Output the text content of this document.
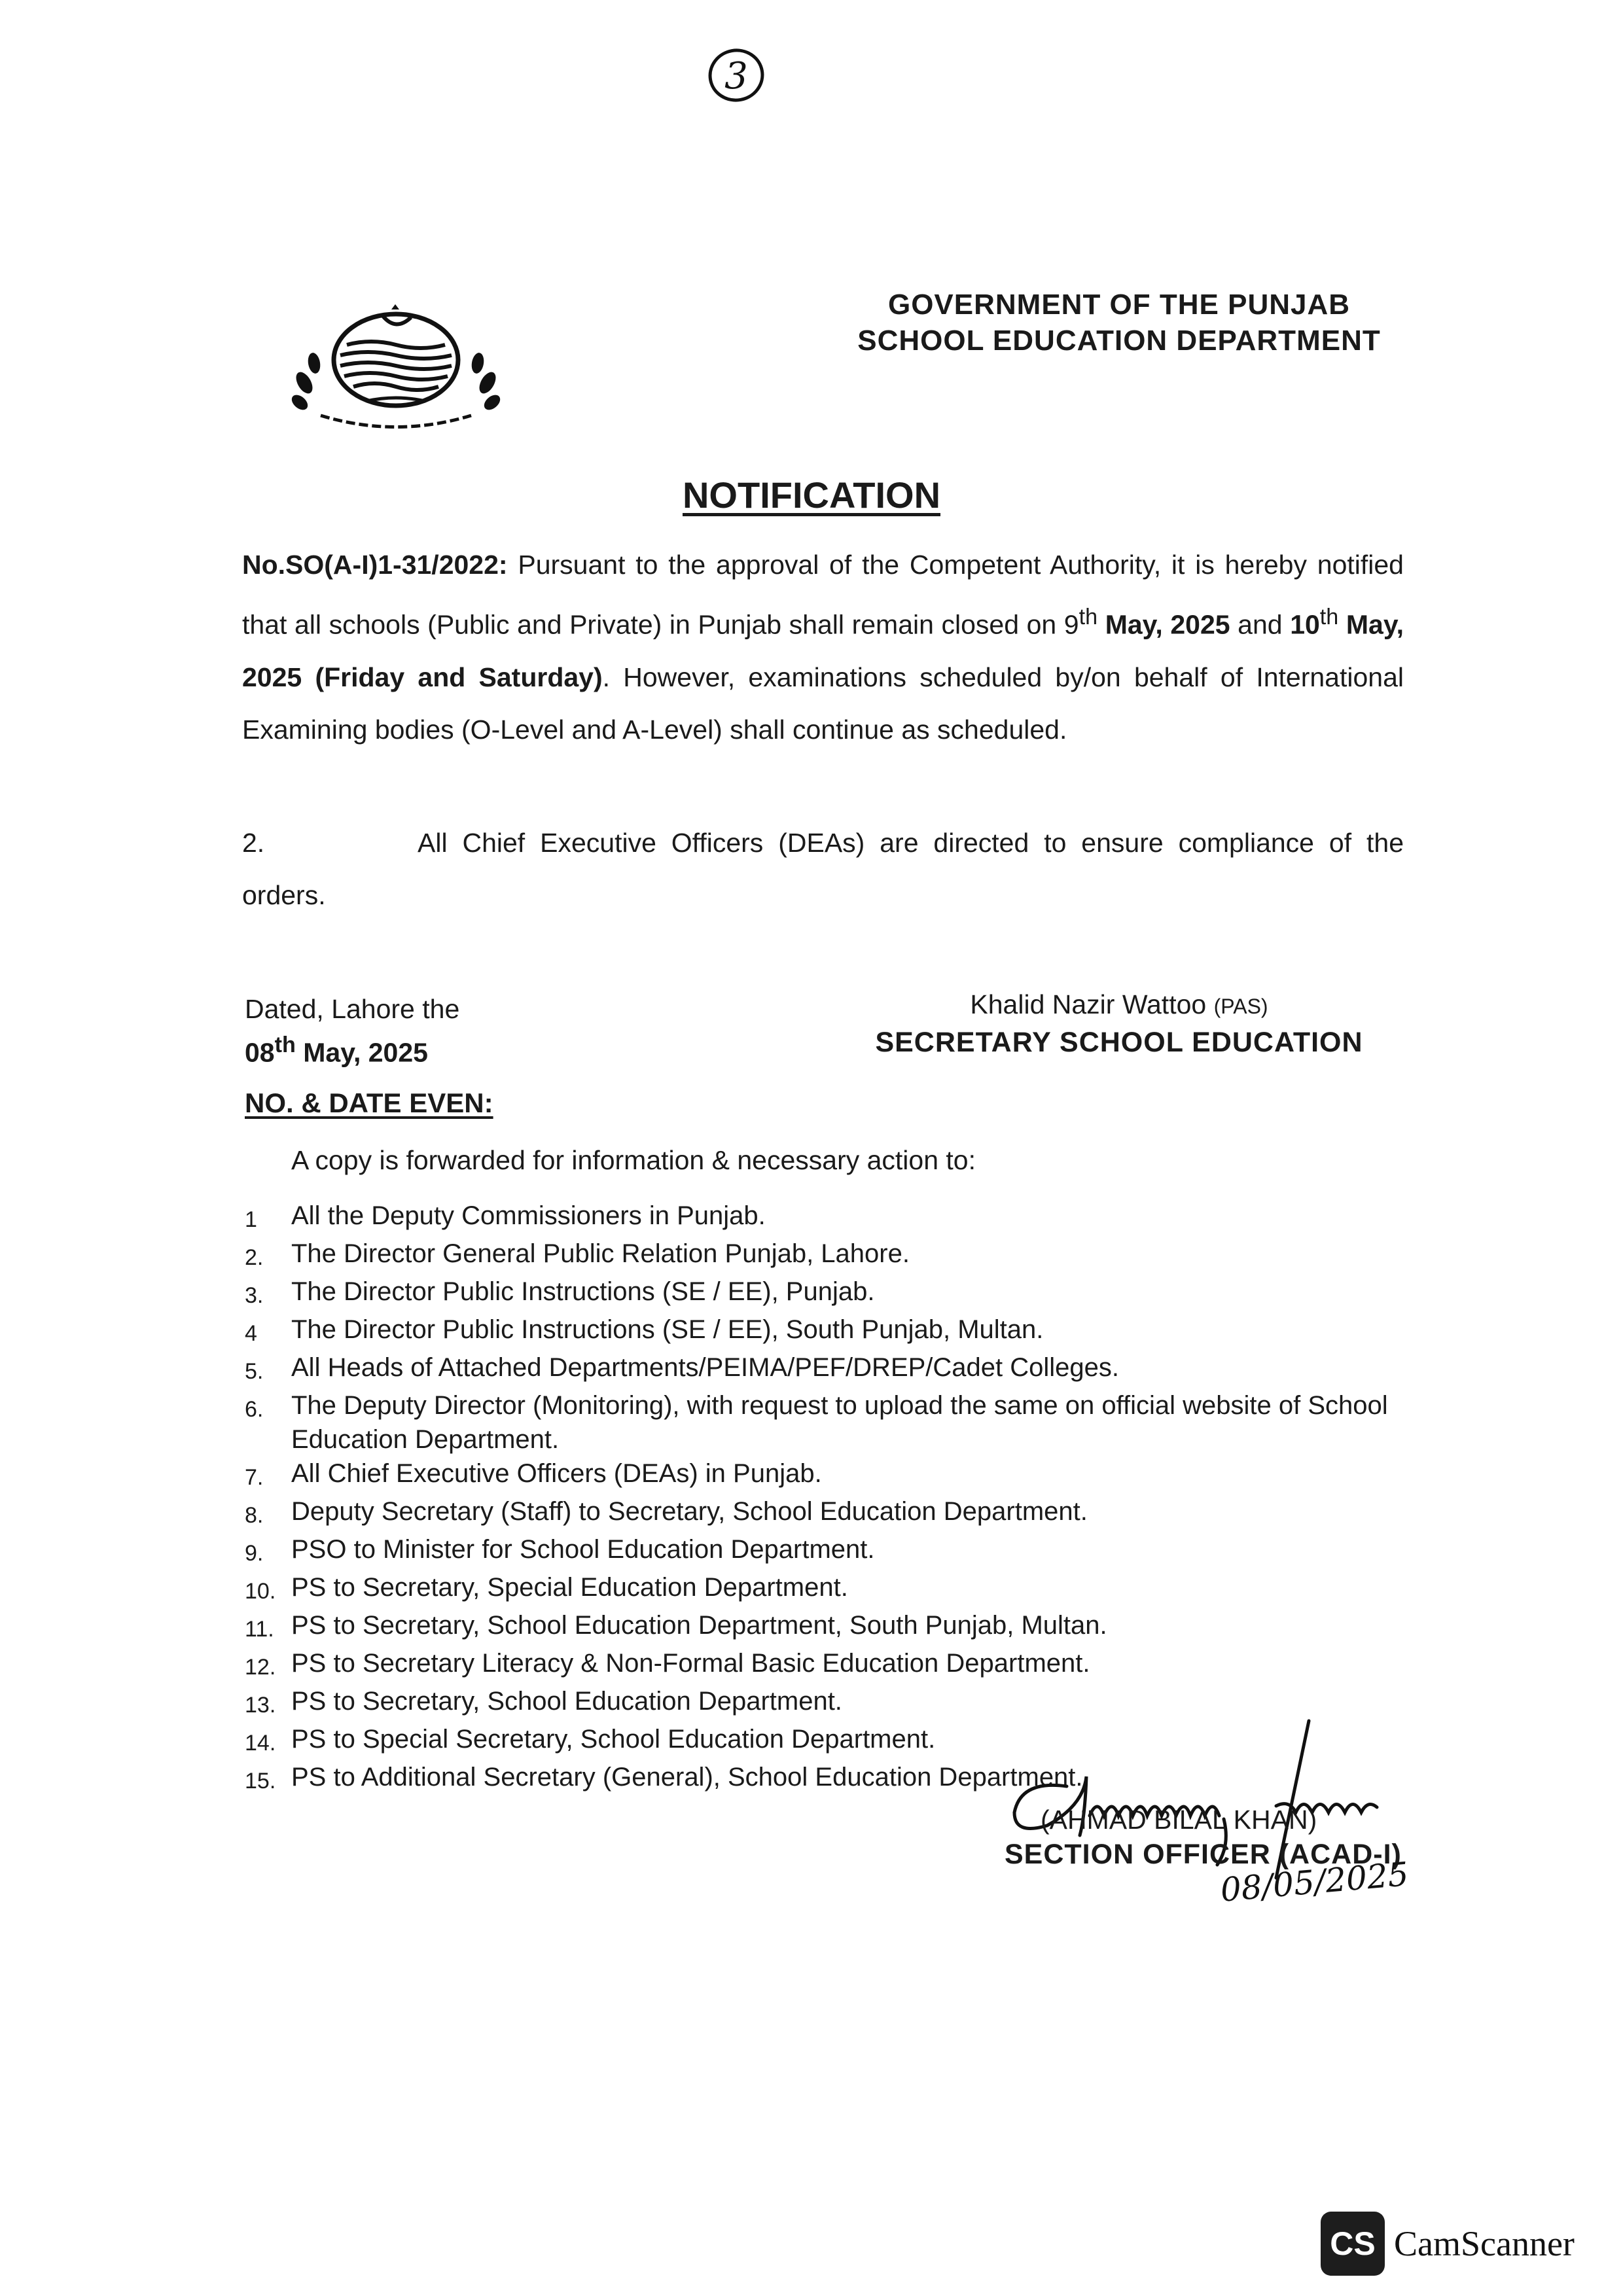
3
GOVERNMENT OF THE PUNJAB
SCHOOL EDUCATION DEPARTMENT
NOTIFICATION
No.SO(A-I)1-31/2022: Pursuant to the approval of the Competent Authority, it is hereby notified that all schools (Public and Private) in Punjab shall remain closed on 9th May, 2025 and 10th May, 2025 (Friday and Saturday). However, examinations scheduled by/on behalf of International Examining bodies (O-Level and A-Level) shall continue as scheduled.
2.	All Chief Executive Officers (DEAs) are directed to ensure compliance of the orders.
Dated, Lahore the
08th May, 2025
Khalid Nazir Wattoo (PAS)
SECRETARY SCHOOL EDUCATION
NO. & DATE EVEN:
A copy is forwarded for information & necessary action to:
1	All the Deputy Commissioners in Punjab.
2.	The Director General Public Relation Punjab, Lahore.
3.	The Director Public Instructions (SE / EE), Punjab.
4	The Director Public Instructions (SE / EE), South Punjab, Multan.
5.	All Heads of Attached Departments/PEIMA/PEF/DREP/Cadet Colleges.
6.	The Deputy Director (Monitoring), with request to upload the same on official website of School Education Department.
7.	All Chief Executive Officers (DEAs) in Punjab.
8.	Deputy Secretary (Staff) to Secretary, School Education Department.
9.	PSO to Minister for School Education Department.
10. PS to Secretary, Special Education Department.
11. PS to Secretary, School Education Department, South Punjab, Multan.
12. PS to Secretary Literacy & Non-Formal Basic Education Department.
13. PS to Secretary, School Education Department.
14. PS to Special Secretary, School Education Department.
15. PS to Additional Secretary (General), School Education Department.
(AHMAD BILAL KHAN)
SECTION OFFICER (ACAD-I)
08/05/2025
CS CamScanner
